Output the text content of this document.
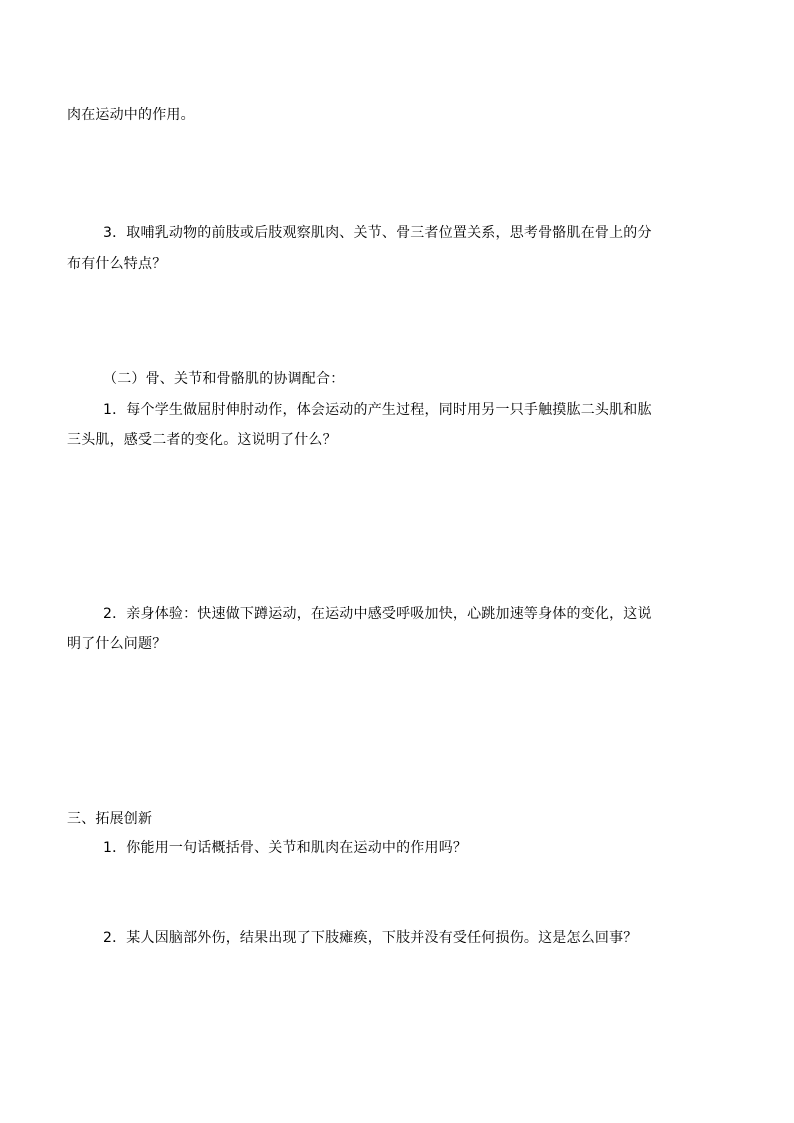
肉在运动中的作用。
3．取哺乳动物的前肢或后肢观察肌肉、关节、骨三者位置关系，思考骨骼肌在骨上的分
布有什么特点？
（二）骨、关节和骨骼肌的协调配合：
1．每个学生做屈肘伸肘动作，体会运动的产生过程，同时用另一只手触摸肱二头肌和肱
三头肌，感受二者的变化。这说明了什么？
2．亲身体验：快速做下蹲运动，在运动中感受呼吸加快，心跳加速等身体的变化，这说
明了什么问题？
三、拓展创新
1．你能用一句话概括骨、关节和肌肉在运动中的作用吗？
2．某人因脑部外伤，结果出现了下肢瘫痪，下肢并没有受任何损伤。这是怎么回事？
